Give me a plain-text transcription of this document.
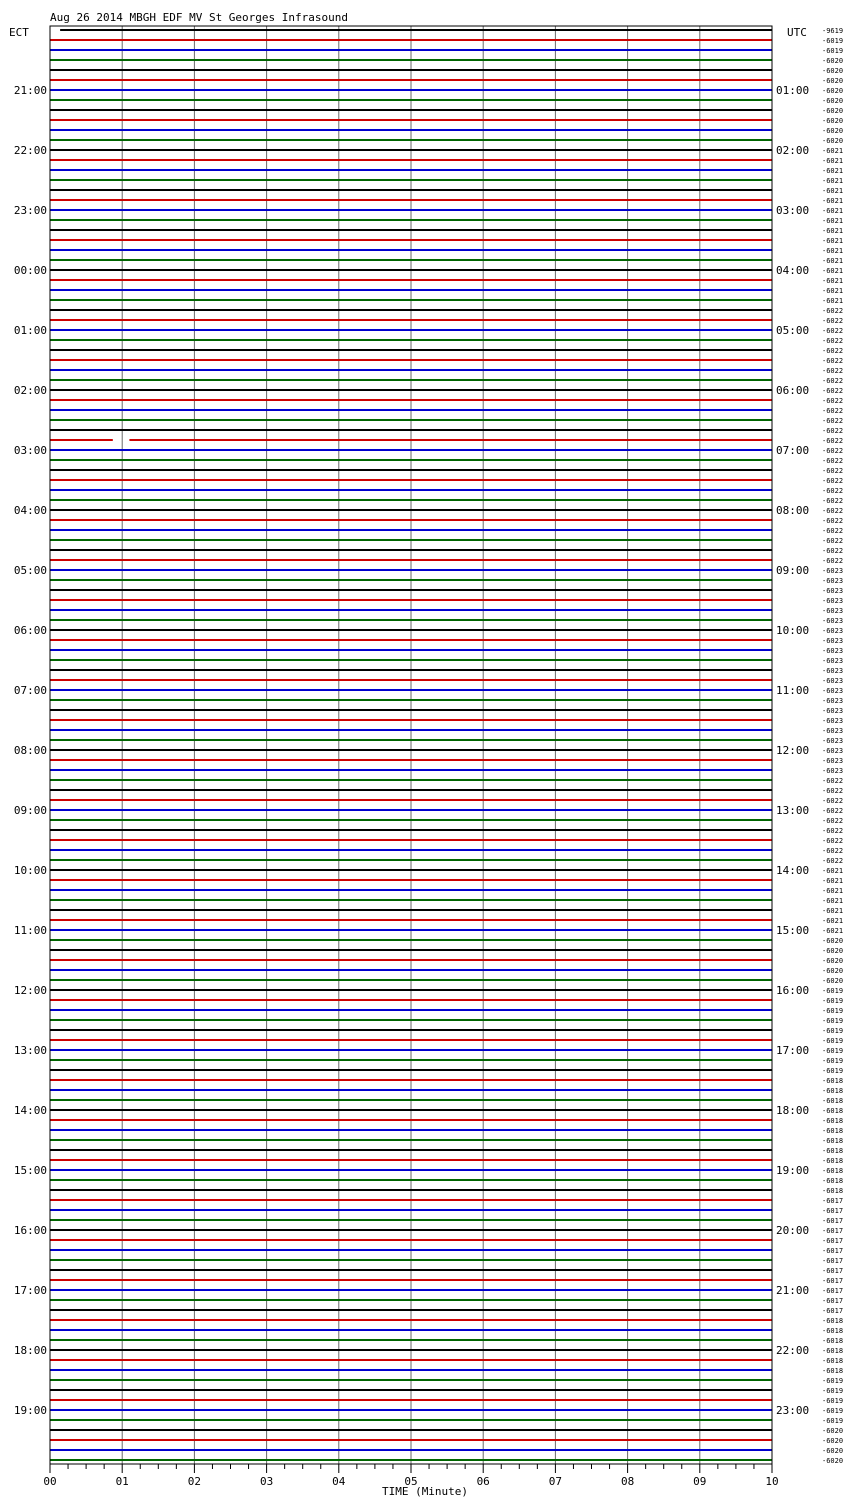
00	01	02	03	04	05	06	07	08	09	10
21:00
22:00
23:00
00:00
01:00
02:00
03:00
04:00
05:00
06:00
07:00
08:00
09:00
10:00
11:00
12:00
13:00
14:00
15:00
16:00
17:00
18:00
19:00
01:00
02:00
03:00
04:00
05:00
06:00
07:00
08:00
09:00
10:00
11:00
12:00
13:00
14:00
15:00
16:00
17:00
18:00
19:00
20:00
21:00
22:00
23:00
-9619
-6019
-6019
-6020
-6020
-6020
-6020
-6020
-6020
-6020
-6020
-6020
-6021
-6021
-6021
-6021
-6021
-6021
-6021
-6021
-6021
-6021
-6021
-6021
-6021
-6021
-6021
-6021
-6022
-6022
-6022
-6022
-6022
-6022
-6022
-6022
-6022
-6022
-6022
-6022
-6022
-6022
-6022
-6022
-6022
-6022
-6022
-6022
-6022
-6022
-6022
-6022
-6022
-6022
-6023
-6023
-6023
-6023
-6023
-6023
-6023
-6023
-6023
-6023
-6023
-6023
-6023
-6023
-6023
-6023
-6023
-6023
-6023
-6023
-6023
-6022
-6022
-6022
-6022
-6022
-6022
-6022
-6022
-6022
-6021
-6021
-6021
-6021
-6021
-6021
-6021
-6020
-6020
-6020
-6020
-6020
-6019
-6019
-6019
-6019
-6019
-6019
-6019
-6019
-6019
-6018
-6018
-6018
-6018
-6018
-6018
-6018
-6018
-6018
-6018
-6018
-6018
-6017
-6017
-6017
-6017
-6017
-6017
-6017
-6017
-6017
-6017
-6017
-6017
-6018
-6018
-6018
-6018
-6018
-6018
-6019
-6019
-6019
-6019
-6019
-6020
-6020
-6020
-6020
Aug 26 2014 MBGH EDF MV St Georges Infrasound
ECT	UTC
TIME (Minute)
